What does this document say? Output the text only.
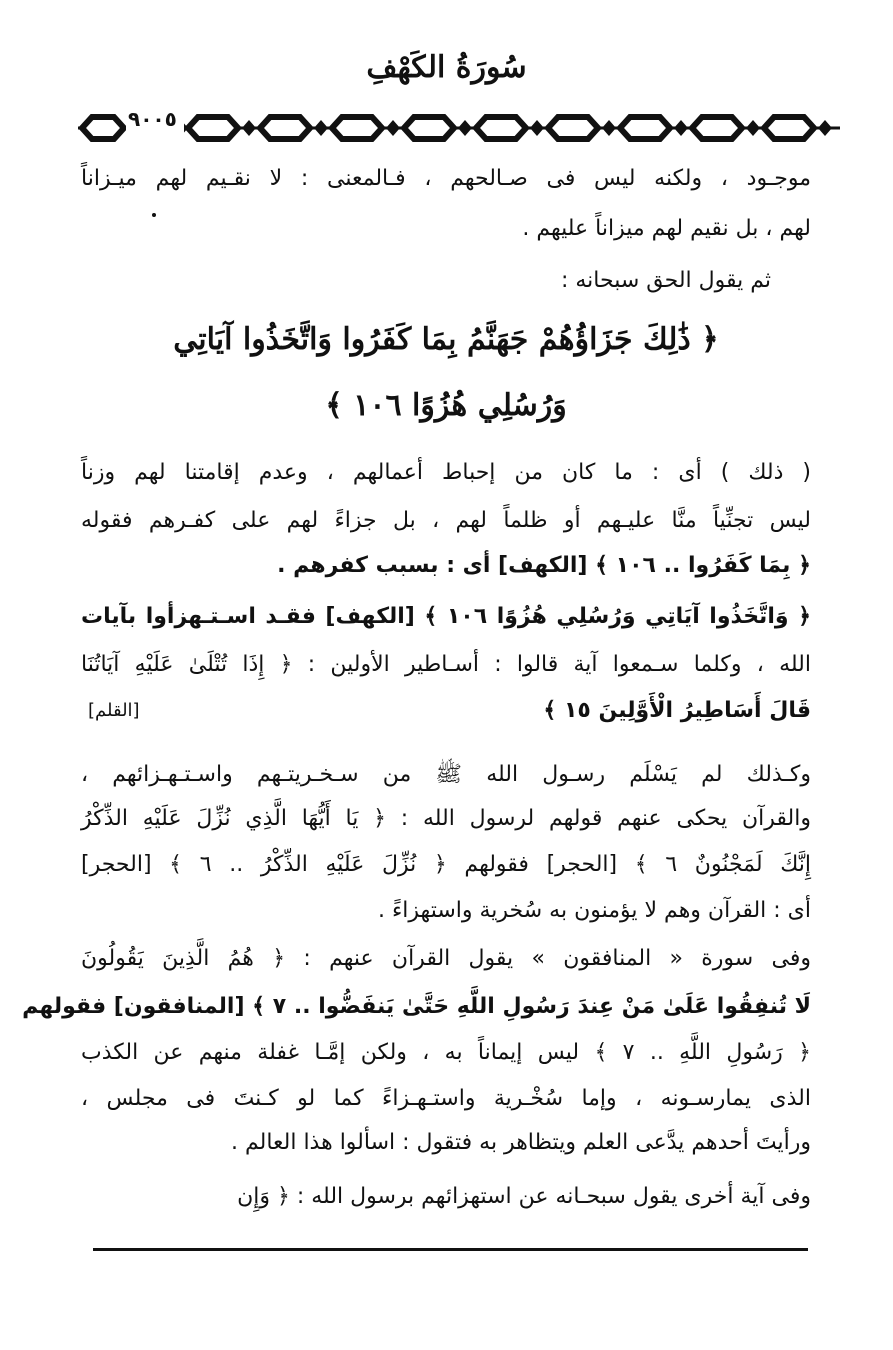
سُورَةُ الكَهْفِ
٩٠٠٥
موجـود ، ولكنه ليس فى صـالحهم ، فـالمعنى : لا نقـيم لهم ميـزاناً
لهم ، بل نقيم لهم ميزاناً عليهم .
ثم يقول الحق سبحانه :
﴿ ذَٰلِكَ جَزَاؤُهُمْ جَهَنَّمُ بِمَا كَفَرُوا وَاتَّخَذُوا آيَاتِي
وَرُسُلِي هُزُوًا ١٠٦ ﴾
( ذلك ) أى : ما كان من إحباط أعمالهم ، وعدم إقامتنا لهم وزناً
ليس تجنِّياً منَّا عليـهم أو ظلماً لهم ، بل جزاءً لهم على كفـرهم فقوله
﴿ بِمَا كَفَرُوا .. ١٠٦ ﴾ [الكهف] أى : بسبب كفرهم .
﴿ وَاتَّخَذُوا آيَاتِي وَرُسُلِي هُزُوًا ١٠٦ ﴾ [الكهف] فقـد اسـتـهزأوا بآيات
الله ، وكلما سـمعوا آية قالوا : أسـاطير الأولين : ﴿ إِذَا تُتْلَىٰ عَلَيْهِ آيَاتُنَا
قَالَ أَسَاطِيرُ الْأَوَّلِينَ ١٥ ﴾
[القلم]
وكـذلك لم يَسْلَم رسـول الله ﷺ من سـخـريتـهم واسـتـهـزائهم ،
والقرآن يحكى عنهم قولهم لرسول الله : ﴿ يَا أَيُّهَا الَّذِي نُزِّلَ عَلَيْهِ الذِّكْرُ
إِنَّكَ لَمَجْنُونٌ ٦ ﴾ [الحجر] فقولهم ﴿ نُزِّلَ عَلَيْهِ الذِّكْرُ .. ٦ ﴾ [الحجر]
أى : القرآن وهم لا يؤمنون به سُخرية واستهزاءً .
وفى سورة « المنافقون » يقول القرآن عنهم : ﴿ هُمُ الَّذِينَ يَقُولُونَ
لَا تُنفِقُوا عَلَىٰ مَنْ عِندَ رَسُولِ اللَّهِ حَتَّىٰ يَنفَضُّوا .. ٧ ﴾ [المنافقون] فقولهم
﴿ رَسُولِ اللَّهِ .. ٧ ﴾ ليس إيماناً به ، ولكن إمَّـا غفلة منهم عن الكذب
الذى يمارسـونه ، وإما سُخْـرية واستـهـزاءً كما لو كـنتَ فى مجلس ،
ورأيتَ أحدهم يدَّعى العلم ويتظاهر به فتقول : اسألوا هذا العالم .
وفى آية أخرى يقول سبحـانه عن استهزائهم برسول الله : ﴿ وَإِن
